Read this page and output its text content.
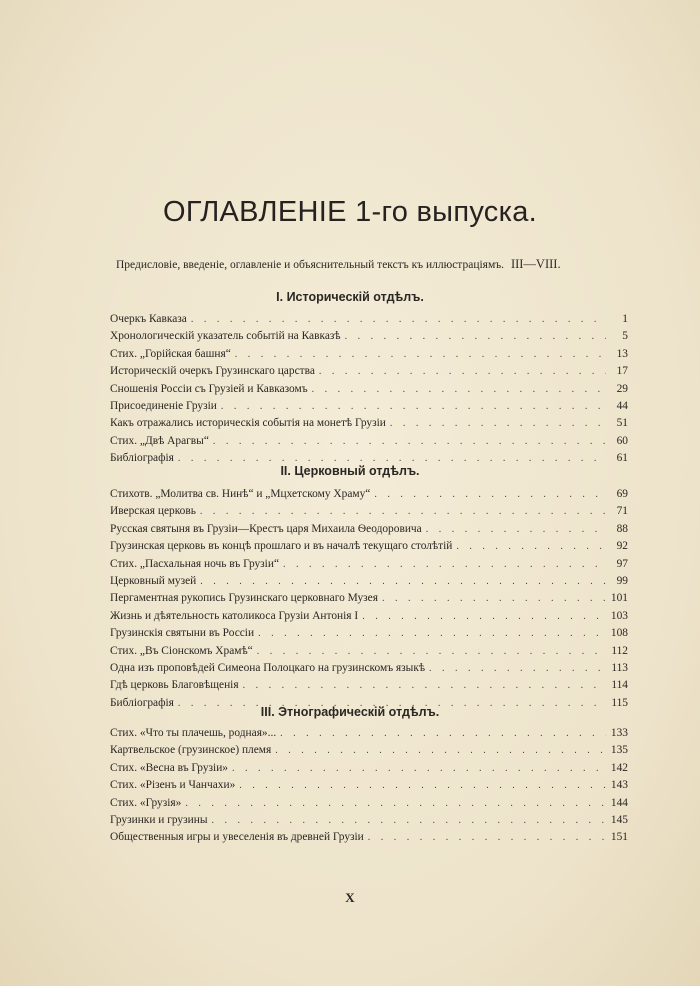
ОГЛАВЛЕНІЕ 1-го выпуска.
Предисловіе, введеніе, оглавленіе и объяснительный текстъ къ иллюстраціямъ. III—VIII.
I. Историческій отдѣлъ.
Очеркъ Кавказа . . .	1
Хронологическій указатель событій на Кавказѣ . . .	5
Стих. „Горійская башня“ . . .	13
Историческій очеркъ Грузинскаго царства . . .	17
Сношенія Россіи съ Грузіей и Кавказомъ . . .	29
Присоединеніе Грузіи . . .	44
Какъ отражались историческія событія на монетѣ Грузіи . . .	51
Стих. „Двѣ Арагвы“ . . .	60
Библіографія . . .	61
II. Церковный отдѣлъ.
Стихотв. „Молитва св. Нинѣ“ и „Мцхетскому Храму“ . . .	69
Иверская церковь . . .	71
Русская святыня въ Грузіи—Крестъ царя Михаила Ѳеодоровича . . .	88
Грузинская церковь въ концѣ прошлаго и въ началѣ текущаго столѣтій . . .	92
Стих. „Пасхальная ночь въ Грузіи“ . . .	97
Церковный музей . . .	99
Пергаментная рукопись Грузинскаго церковнаго Музея . . .	101
Жизнь и дѣятельность католикоса Грузіи Антонія I . . .	103
Грузинскія святыни въ Россіи . . .	108
Стих. „Въ Сіонскомъ Храмѣ“ . . .	112
Одна изъ проповѣдей Симеона Полоцкаго на грузинскомъ языкѣ . . .	113
Гдѣ церковь Благовѣщенія . . .	114
Библіографія . . .	115
III. Этнографическій отдѣлъ.
Стих. «Что ты плачешь, родная»... . . .	133
Картвельское (грузинское) племя . . .	135
Стих. «Весна въ Грузіи» . . .	142
Стих. «Різенъ и Чанчахи» . . .	143
Стих. «Грузія» . . .	144
Грузинки и грузины . . .	145
Общественныя игры и увеселенія въ древней Грузіи . . .	151
X
